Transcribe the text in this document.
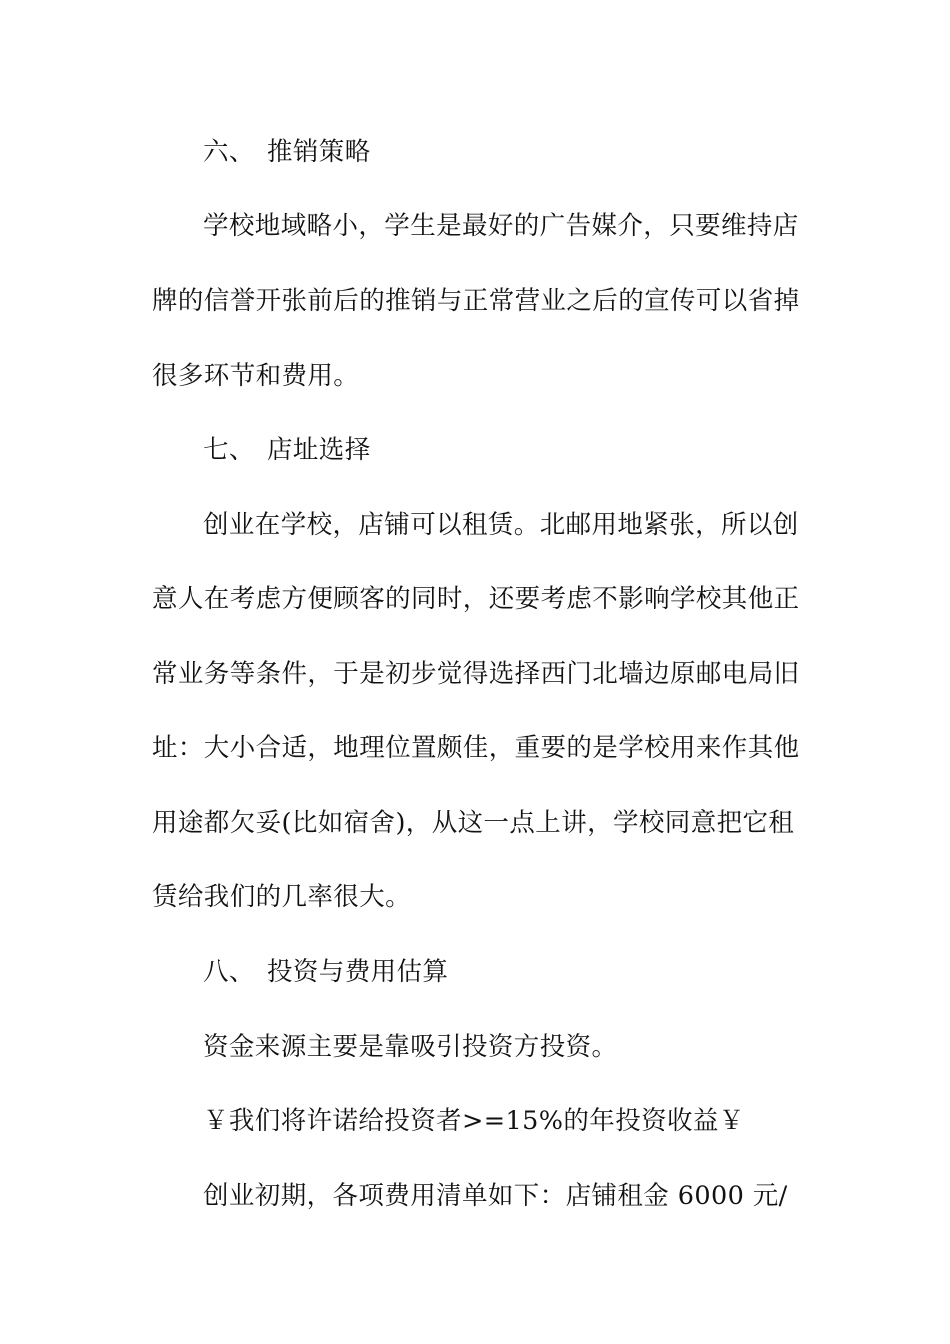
六、 推销策略
学校地域略小，学生是最好的广告媒介，只要维持店
牌的信誉开张前后的推销与正常营业之后的宣传可以省掉
很多环节和费用。
七、 店址选择
创业在学校，店铺可以租赁。北邮用地紧张，所以创
意人在考虑方便顾客的同时，还要考虑不影响学校其他正
常业务等条件，于是初步觉得选择西门北墙边原邮电局旧
址：大小合适，地理位置颇佳，重要的是学校用来作其他
用途都欠妥(比如宿舍)，从这一点上讲，学校同意把它租
赁给我们的几率很大。
八、 投资与费用估算
资金来源主要是靠吸引投资方投资。
￥我们将许诺给投资者>=15%的年投资收益￥
创业初期，各项费用清单如下：店铺租金 6000 元/
